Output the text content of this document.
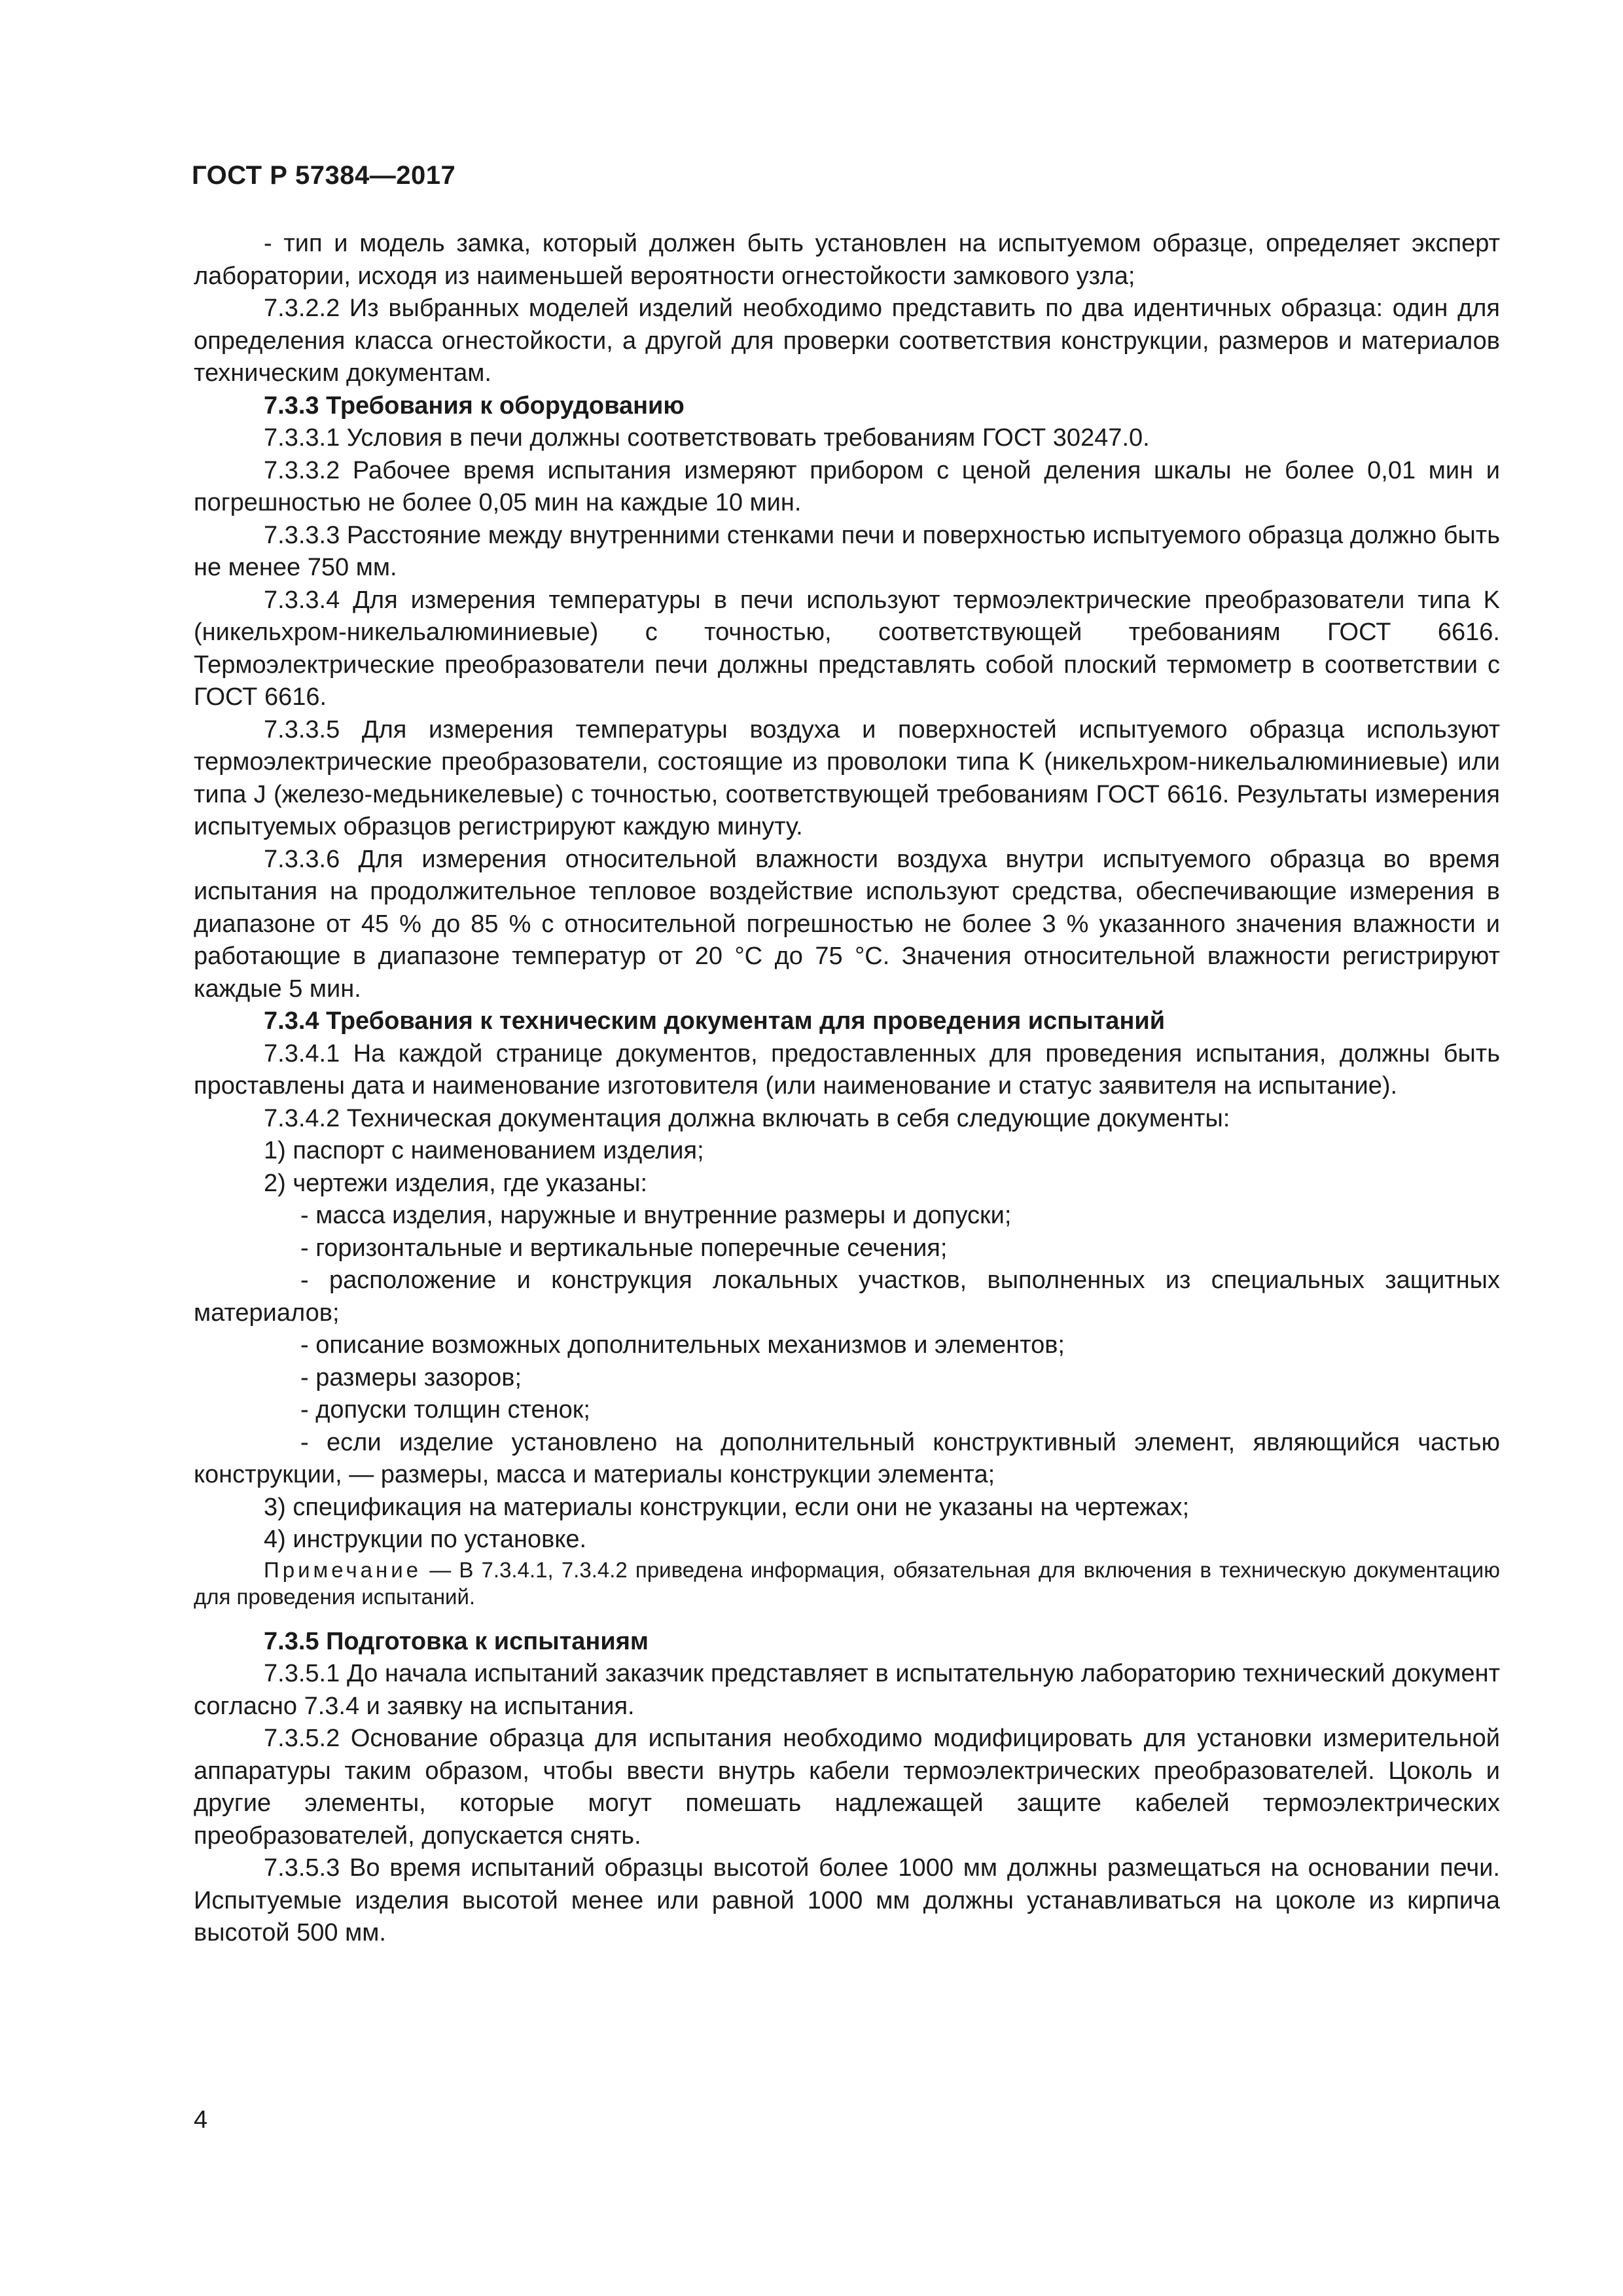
ГОСТ Р 57384—2017

- тип и модель замка, который должен быть установлен на испытуемом образце, определяет эксперт лаборатории, исходя из наименьшей вероятности огнестойкости замкового узла;

7.3.2.2 Из выбранных моделей изделий необходимо представить по два идентичных образца: один для определения класса огнестойкости, а другой для проверки соответствия конструкции, размеров и материалов техническим документам.

7.3.3 Требования к оборудованию

7.3.3.1 Условия в печи должны соответствовать требованиям ГОСТ 30247.0.

7.3.3.2 Рабочее время испытания измеряют прибором с ценой деления шкалы не более 0,01 мин и погрешностью не более 0,05 мин на каждые 10 мин.

7.3.3.3 Расстояние между внутренними стенками печи и поверхностью испытуемого образца должно быть не менее 750 мм.

7.3.3.4 Для измерения температуры в печи используют термоэлектрические преобразователи типа K (никельхром-никельалюминиевые) с точностью, соответствующей требованиям ГОСТ 6616. Термоэлектрические преобразователи печи должны представлять собой плоский термометр в соответствии с ГОСТ 6616.

7.3.3.5 Для измерения температуры воздуха и поверхностей испытуемого образца используют термоэлектрические преобразователи, состоящие из проволоки типа K (никельхром-никельалюминиевые) или типа J (железо-медьникелевые) с точностью, соответствующей требованиям ГОСТ 6616. Результаты измерения испытуемых образцов регистрируют каждую минуту.

7.3.3.6 Для измерения относительной влажности воздуха внутри испытуемого образца во время испытания на продолжительное тепловое воздействие используют средства, обеспечивающие измерения в диапазоне от 45 % до 85 % с относительной погрешностью не более 3 % указанного значения влажности и работающие в диапазоне температур от 20 °C до 75 °C. Значения относительной влажности регистрируют каждые 5 мин.

7.3.4 Требования к техническим документам для проведения испытаний

7.3.4.1 На каждой странице документов, предоставленных для проведения испытания, должны быть проставлены дата и наименование изготовителя (или наименование и статус заявителя на испытание).

7.3.4.2 Техническая документация должна включать в себя следующие документы:

1) паспорт с наименованием изделия;

2) чертежи изделия, где указаны:

- масса изделия, наружные и внутренние размеры и допуски;

- горизонтальные и вертикальные поперечные сечения;

- расположение и конструкция локальных участков, выполненных из специальных защитных материалов;

- описание возможных дополнительных механизмов и элементов;

- размеры зазоров;

- допуски толщин стенок;

- если изделие установлено на дополнительный конструктивный элемент, являющийся частью конструкции, — размеры, масса и материалы конструкции элемента;

3) спецификация на материалы конструкции, если они не указаны на чертежах;

4) инструкции по установке.

Примечание — В 7.3.4.1, 7.3.4.2 приведена информация, обязательная для включения в техническую документацию для проведения испытаний.

7.3.5 Подготовка к испытаниям

7.3.5.1 До начала испытаний заказчик представляет в испытательную лабораторию технический документ согласно 7.3.4 и заявку на испытания.

7.3.5.2 Основание образца для испытания необходимо модифицировать для установки измерительной аппаратуры таким образом, чтобы ввести внутрь кабели термоэлектрических преобразователей. Цоколь и другие элементы, которые могут помешать надлежащей защите кабелей термоэлектрических преобразователей, допускается снять.

7.3.5.3 Во время испытаний образцы высотой более 1000 мм должны размещаться на основании печи. Испытуемые изделия высотой менее или равной 1000 мм должны устанавливаться на цоколе из кирпича высотой 500 мм.

4
